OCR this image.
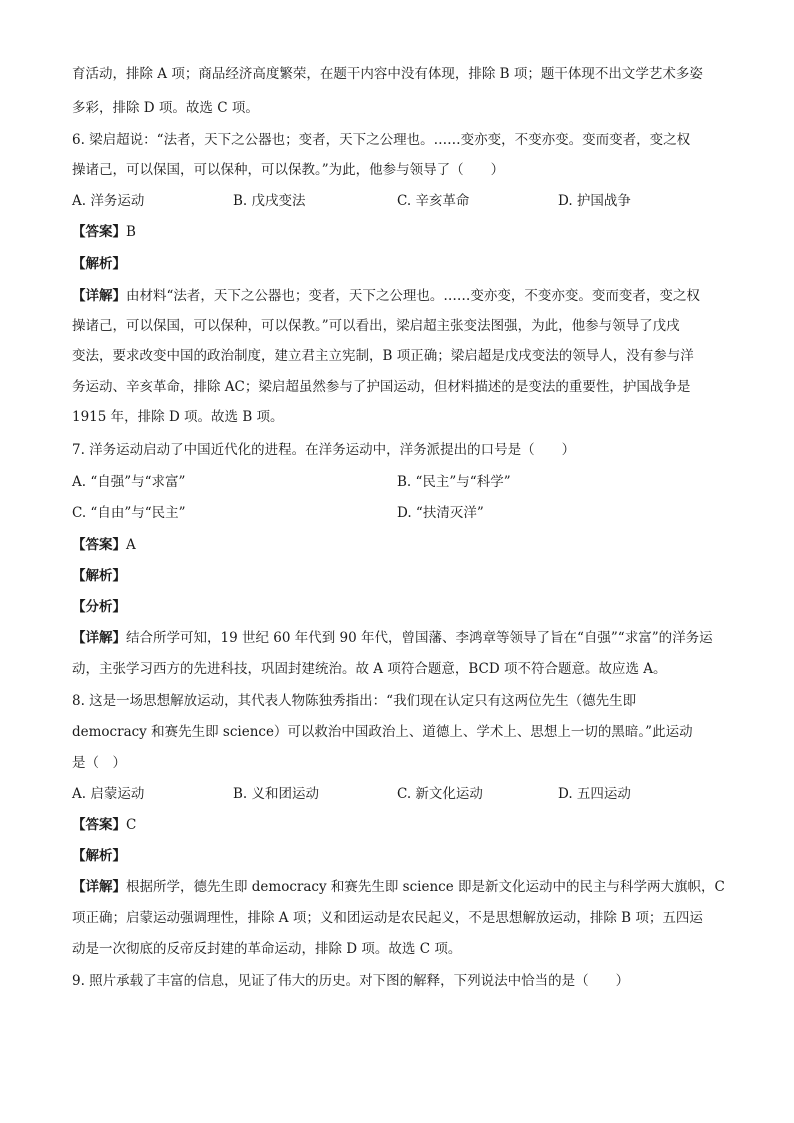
育活动，排除 A 项；商品经济高度繁荣，在题干内容中没有体现，排除 B 项；题干体现不出文学艺术多姿
多彩，排除 D 项。故选 C 项。
6. 梁启超说：“法者，天下之公器也；变者，天下之公理也。……变亦变，不变亦变。变而变者，变之权
操诸己，可以保国，可以保种，可以保教。”为此，他参与领导了（　　）
A. 洋务运动	B. 戊戌变法	C. 辛亥革命	D. 护国战争
【答案】B
【解析】
【详解】由材料“法者，天下之公器也；变者，天下之公理也。……变亦变，不变亦变。变而变者，变之权
操诸己，可以保国，可以保种，可以保教。”可以看出，梁启超主张变法图强，为此，他参与领导了戊戌
变法，要求改变中国的政治制度，建立君主立宪制，B 项正确；梁启超是戊戌变法的领导人，没有参与洋
务运动、辛亥革命，排除 AC；梁启超虽然参与了护国运动，但材料描述的是变法的重要性，护国战争是
1915 年，排除 D 项。故选 B 项。
7. 洋务运动启动了中国近代化的进程。在洋务运动中，洋务派提出的口号是（　　）
A. “自强”与“求富”	B. “民主”与“科学”
C. “自由”与“民主”	D. “扶清灭洋”
【答案】A
【解析】
【分析】
【详解】结合所学可知，19 世纪 60 年代到 90 年代，曾国藩、李鸿章等领导了旨在“自强”“求富”的洋务运
动，主张学习西方的先进科技，巩固封建统治。故 A 项符合题意，BCD 项不符合题意。故应选 A。
8. 这是一场思想解放运动，其代表人物陈独秀指出：“我们现在认定只有这两位先生（德先生即
democracy 和赛先生即 science）可以救治中国政治上、道德上、学术上、思想上一切的黑暗。”此运动
是（　）
A. 启蒙运动	B. 义和团运动	C. 新文化运动	D. 五四运动
【答案】C
【解析】
【详解】根据所学，德先生即 democracy 和赛先生即 science 即是新文化运动中的民主与科学两大旗帜，C
项正确；启蒙运动强调理性，排除 A 项；义和团运动是农民起义，不是思想解放运动，排除 B 项；五四运
动是一次彻底的反帝反封建的革命运动，排除 D 项。故选 C 项。
9. 照片承载了丰富的信息，见证了伟大的历史。对下图的解释，下列说法中恰当的是（　　）
